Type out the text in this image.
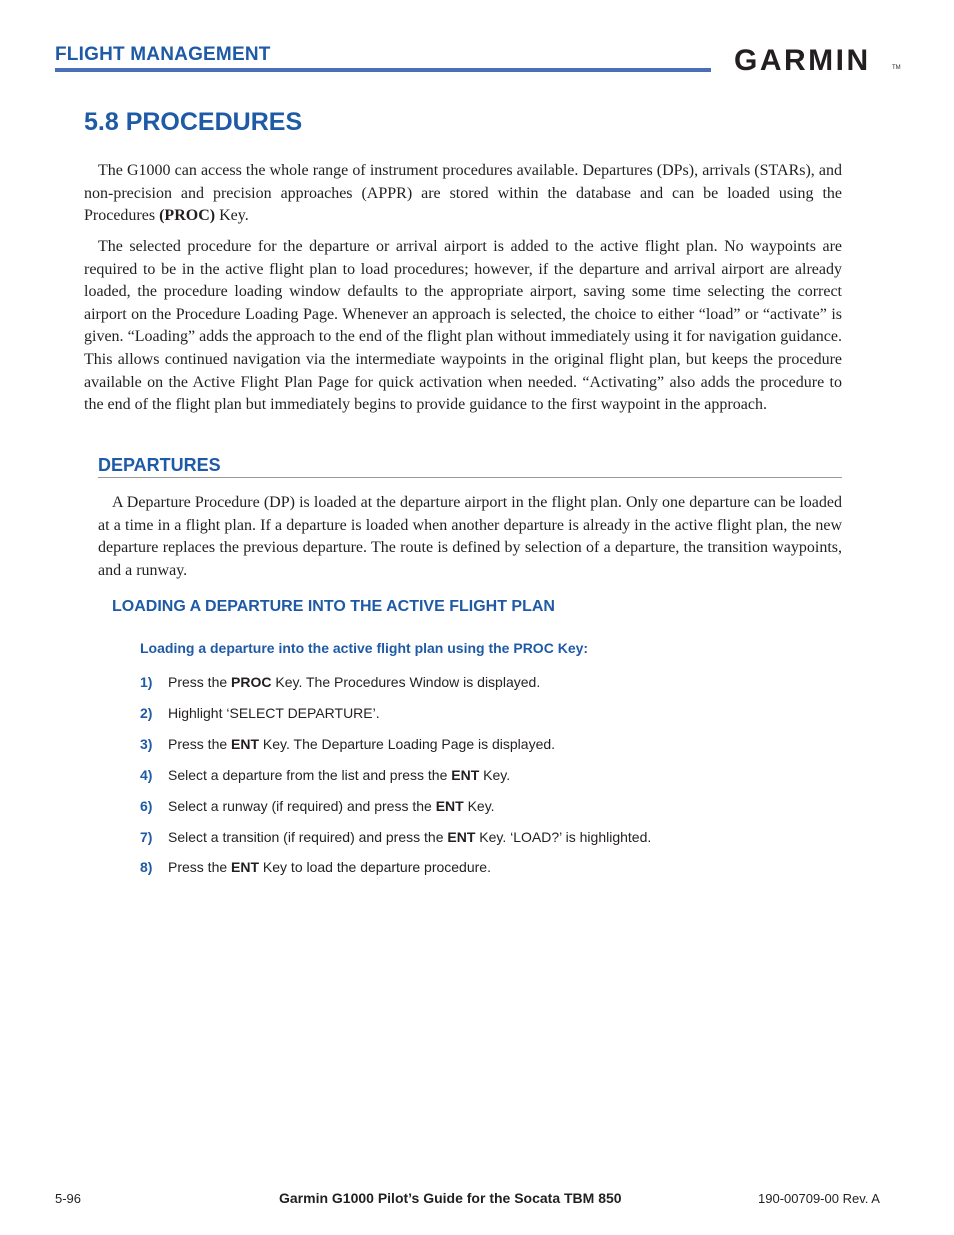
FLIGHT MANAGEMENT	GARMIN	TM
5.8 PROCEDURES

The G1000 can access the whole range of instrument procedures available. Departures (DPs), arrivals (STARs), and non-precision and precision approaches (APPR) are stored within the database and can be loaded using the Procedures (PROC) Key.

The selected procedure for the departure or arrival airport is added to the active flight plan. No waypoints are required to be in the active flight plan to load procedures; however, if the departure and arrival airport are already loaded, the procedure loading window defaults to the appropriate airport, saving some time selecting the correct airport on the Procedure Loading Page. Whenever an approach is selected, the choice to either “load” or “activate” is given. “Loading” adds the approach to the end of the flight plan without immediately using it for navigation guidance. This allows continued navigation via the intermediate waypoints in the original flight plan, but keeps the procedure available on the Active Flight Plan Page for quick activation when needed. “Activating” also adds the procedure to the end of the flight plan but immediately begins to provide guidance to the first waypoint in the approach.

DEPARTURES

A Departure Procedure (DP) is loaded at the departure airport in the flight plan. Only one departure can be loaded at a time in a flight plan. If a departure is loaded when another departure is already in the active flight plan, the new departure replaces the previous departure. The route is defined by selection of a departure, the transition waypoints, and a runway.

LOADING A DEPARTURE INTO THE ACTIVE FLIGHT PLAN
Loading a departure into the active flight plan using the PROC Key:
1) Press the PROC Key. The Procedures Window is displayed.
2) Highlight ‘SELECT DEPARTURE’.
3) Press the ENT Key. The Departure Loading Page is displayed.
4) Select a departure from the list and press the ENT Key.
6) Select a runway (if required) and press the ENT Key.
7) Select a transition (if required) and press the ENT Key. ‘LOAD?’ is highlighted.
8) Press the ENT Key to load the departure procedure.
5-96	Garmin G1000 Pilot’s Guide for the Socata TBM 850	190-00709-00 Rev. A
